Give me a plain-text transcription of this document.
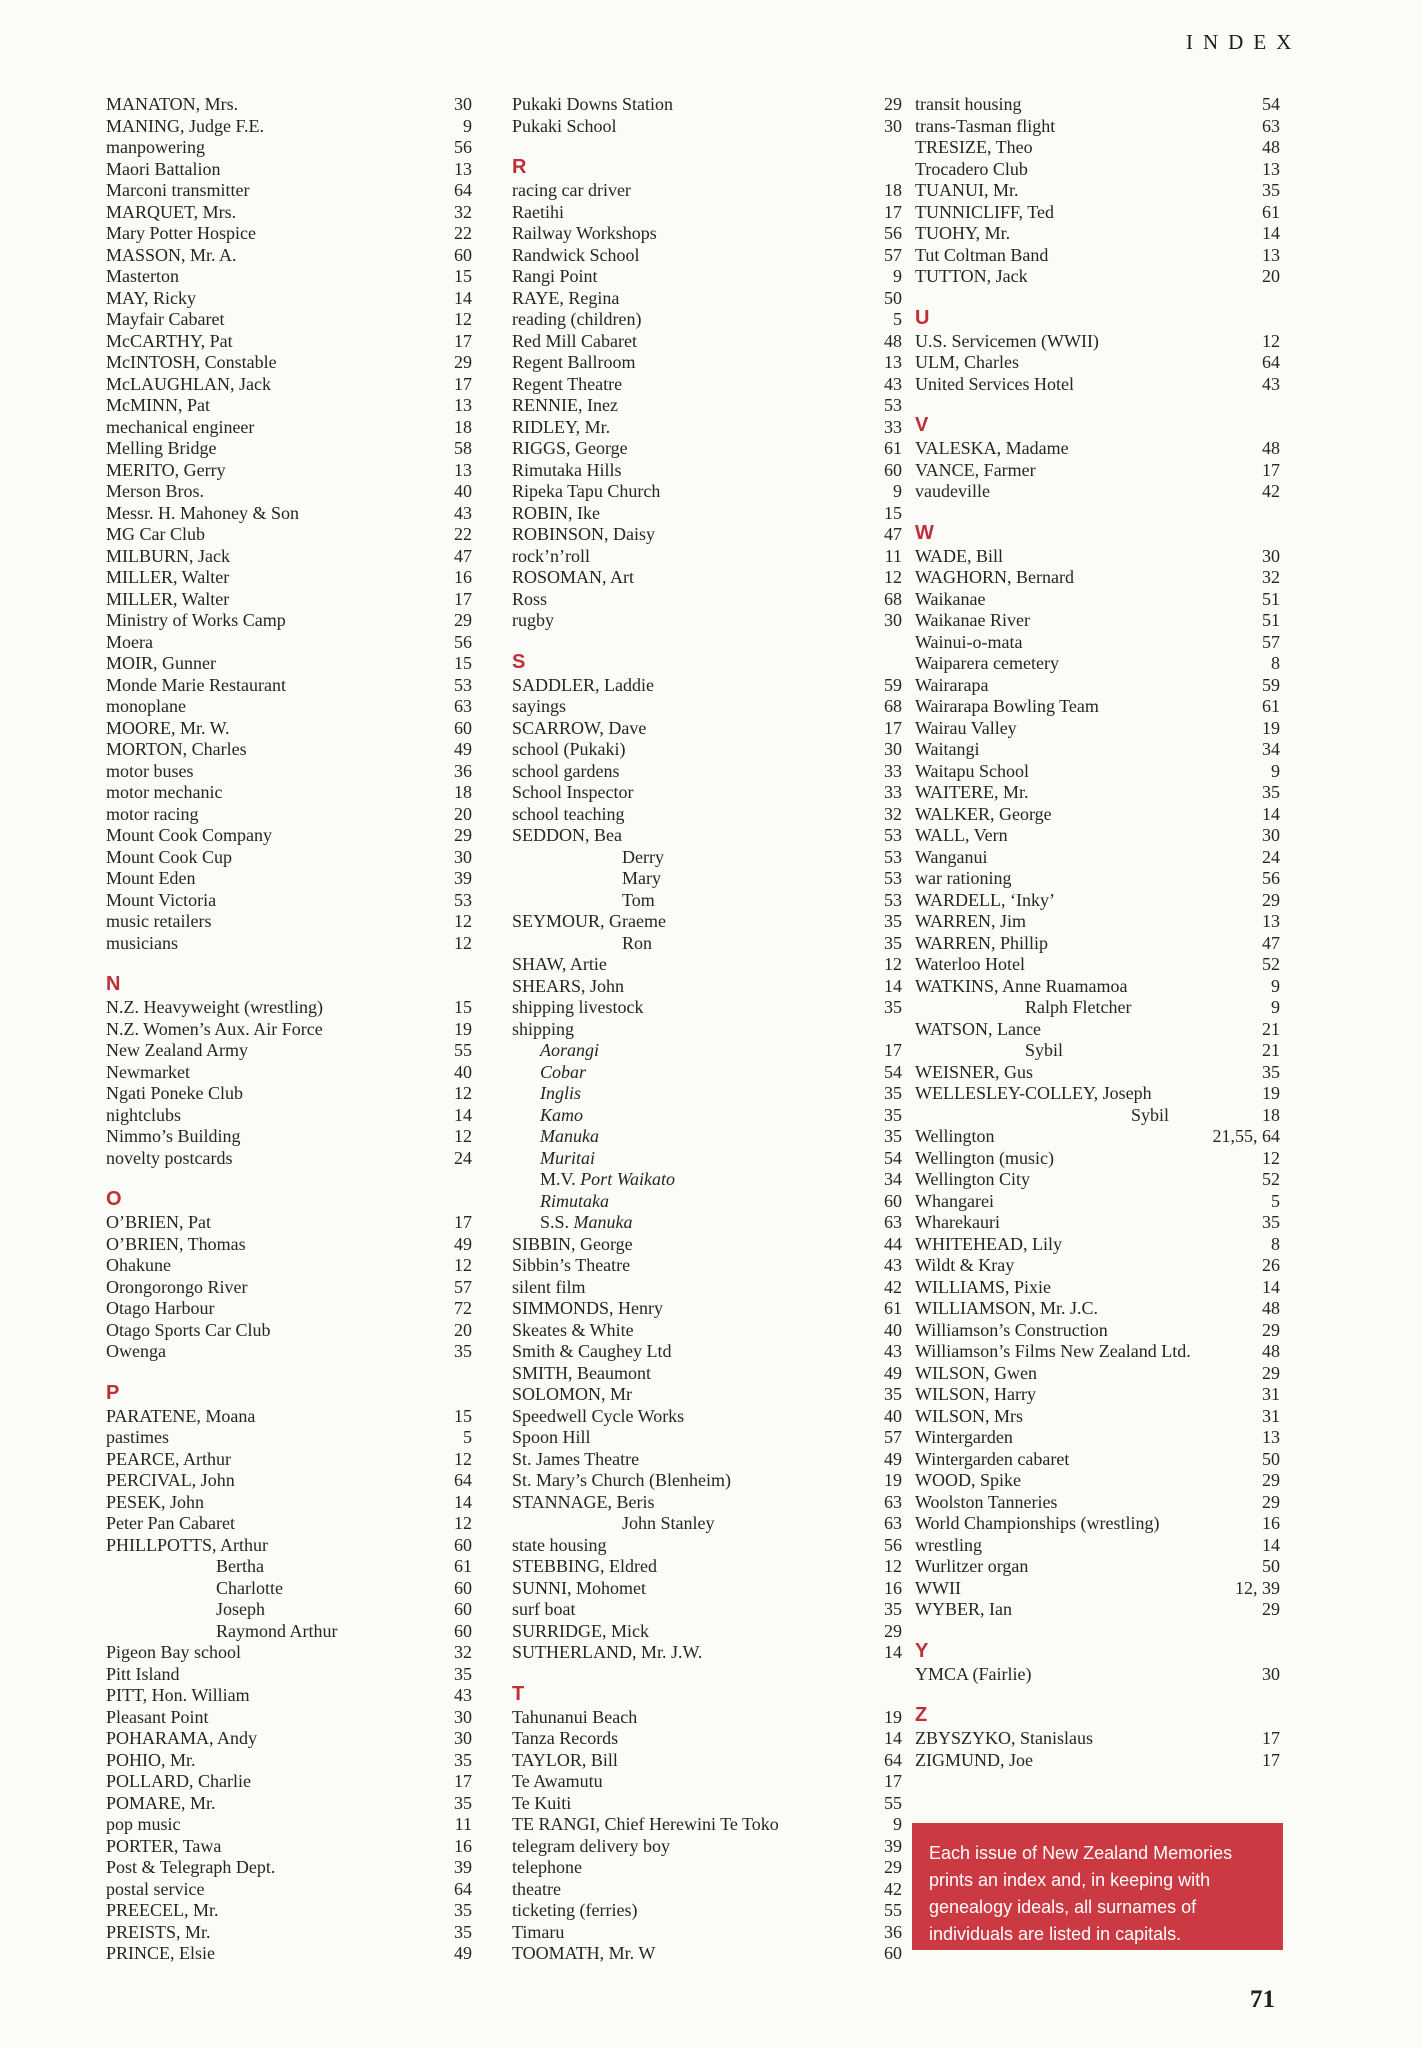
INDEX
MANATON, Mrs.	30
MANING, Judge F.E.	9
manpowering	56
Maori Battalion	13
Marconi transmitter	64
MARQUET, Mrs.	32
Mary Potter Hospice	22
MASSON, Mr. A.	60
Masterton	15
MAY, Ricky	14
Mayfair Cabaret	12
McCARTHY, Pat	17
McINTOSH, Constable	29
McLAUGHLAN, Jack	17
McMINN, Pat	13
mechanical engineer	18
Melling Bridge	58
MERITO, Gerry	13
Merson Bros.	40
Messr. H. Mahoney & Son	43
MG Car Club	22
MILBURN, Jack	47
MILLER, Walter	16
MILLER, Walter	17
Ministry of Works Camp	29
Moera	56
MOIR, Gunner	15
Monde Marie Restaurant	53
monoplane	63
MOORE, Mr. W.	60
MORTON, Charles	49
motor buses	36
motor mechanic	18
motor racing	20
Mount Cook Company	29
Mount Cook Cup	30
Mount Eden	39
Mount Victoria	53
music retailers	12
musicians	12
N
N.Z. Heavyweight (wrestling)	15
N.Z. Women’s Aux. Air Force	19
New Zealand Army	55
Newmarket	40
Ngati Poneke Club	12
nightclubs	14
Nimmo’s Building	12
novelty postcards	24
O
O’BRIEN, Pat	17
O’BRIEN, Thomas	49
Ohakune	12
Orongorongo River	57
Otago Harbour	72
Otago Sports Car Club	20
Owenga	35
P
PARATENE, Moana	15
pastimes	5
PEARCE, Arthur	12
PERCIVAL, John	64
PESEK, John	14
Peter Pan Cabaret	12
PHILLPOTTS, Arthur	60
Bertha	61
Charlotte	60
Joseph	60
Raymond Arthur	60
Pigeon Bay school	32
Pitt Island	35
PITT, Hon. William	43
Pleasant Point	30
POHARAMA, Andy	30
POHIO, Mr.	35
POLLARD, Charlie	17
POMARE, Mr.	35
pop music	11
PORTER, Tawa	16
Post & Telegraph Dept.	39
postal service	64
PREECEL, Mr.	35
PREISTS, Mr.	35
PRINCE, Elsie	49
Pukaki Downs Station	29
Pukaki School	30
R
racing car driver	18
Raetihi	17
Railway Workshops	56
Randwick School	57
Rangi Point	9
RAYE, Regina	50
reading (children)	5
Red Mill Cabaret	48
Regent Ballroom	13
Regent Theatre	43
RENNIE, Inez	53
RIDLEY, Mr.	33
RIGGS, George	61
Rimutaka Hills	60
Ripeka Tapu Church	9
ROBIN, Ike	15
ROBINSON, Daisy	47
rock’n’roll	11
ROSOMAN, Art	12
Ross	68
rugby	30
S
SADDLER, Laddie	59
sayings	68
SCARROW, Dave	17
school (Pukaki)	30
school gardens	33
School Inspector	33
school teaching	32
SEDDON, Bea	53
Derry	53
Mary	53
Tom	53
SEYMOUR, Graeme	35
Ron	35
SHAW, Artie	12
SHEARS, John	14
shipping livestock	35
shipping
Aorangi	17
Cobar	54
Inglis	35
Kamo	35
Manuka	35
Muritai	54
M.V. Port Waikato	34
Rimutaka	60
S.S. Manuka	63
SIBBIN, George	44
Sibbin’s Theatre	43
silent film	42
SIMMONDS, Henry	61
Skeates & White	40
Smith & Caughey Ltd	43
SMITH, Beaumont	49
SOLOMON, Mr	35
Speedwell Cycle Works	40
Spoon Hill	57
St. James Theatre	49
St. Mary’s Church (Blenheim)	19
STANNAGE, Beris	63
John Stanley	63
state housing	56
STEBBING, Eldred	12
SUNNI, Mohomet	16
surf boat	35
SURRIDGE, Mick	29
SUTHERLAND, Mr. J.W.	14
T
Tahunanui Beach	19
Tanza Records	14
TAYLOR, Bill	64
Te Awamutu	17
Te Kuiti	55
TE RANGI, Chief Herewini Te Toko	9
telegram delivery boy	39
telephone	29
theatre	42
ticketing (ferries)	55
Timaru	36
TOOMATH, Mr. W	60
transit housing	54
trans-Tasman flight	63
TRESIZE, Theo	48
Trocadero Club	13
TUANUI, Mr.	35
TUNNICLIFF, Ted	61
TUOHY, Mr.	14
Tut Coltman Band	13
TUTTON, Jack	20
U
U.S. Servicemen (WWII)	12
ULM, Charles	64
United Services Hotel	43
V
VALESKA, Madame	48
VANCE, Farmer	17
vaudeville	42
W
WADE, Bill	30
WAGHORN, Bernard	32
Waikanae	51
Waikanae River	51
Wainui-o-mata	57
Waiparera cemetery	8
Wairarapa	59
Wairarapa Bowling Team	61
Wairau Valley	19
Waitangi	34
Waitapu School	9
WAITERE, Mr.	35
WALKER, George	14
WALL, Vern	30
Wanganui	24
war rationing	56
WARDELL, ‘Inky’	29
WARREN, Jim	13
WARREN, Phillip	47
Waterloo Hotel	52
WATKINS, Anne Ruamamoa	9
Ralph Fletcher	9
WATSON, Lance	21
Sybil	21
WEISNER, Gus	35
WELLESLEY-COLLEY, Joseph	19
Sybil	18
Wellington	21,55, 64
Wellington (music)	12
Wellington City	52
Whangarei	5
Wharekauri	35
WHITEHEAD, Lily	8
Wildt & Kray	26
WILLIAMS, Pixie	14
WILLIAMSON, Mr. J.C.	48
Williamson’s Construction	29
Williamson’s Films New Zealand Ltd.	48
WILSON, Gwen	29
WILSON, Harry	31
WILSON, Mrs	31
Wintergarden	13
Wintergarden cabaret	50
WOOD, Spike	29
Woolston Tanneries	29
World Championships (wrestling)	16
wrestling	14
Wurlitzer organ	50
WWII	12, 39
WYBER, Ian	29
Y
YMCA (Fairlie)	30
Z
ZBYSZYKO, Stanislaus	17
ZIGMUND, Joe	17
Each issue of New Zealand Memories prints an index and, in keeping with genealogy ideals, all surnames of individuals are listed in capitals.
71
